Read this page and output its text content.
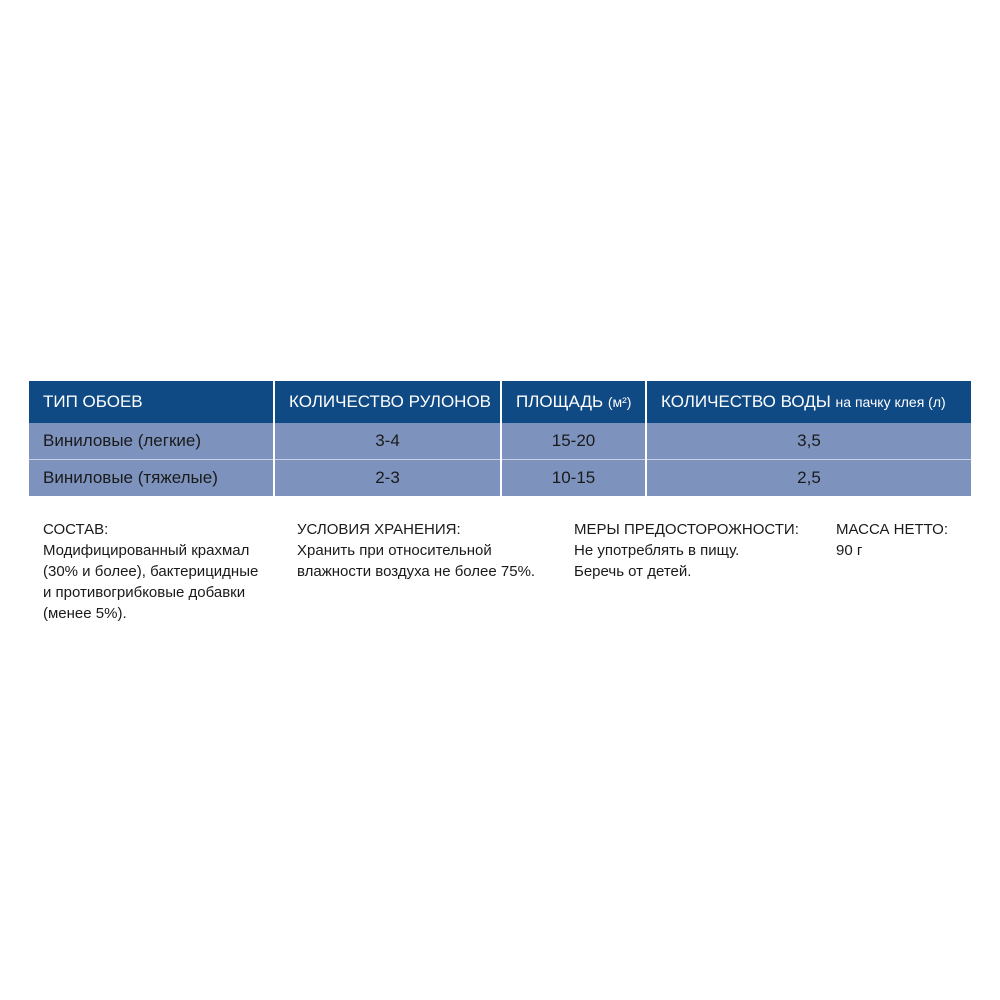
ТИП ОБОЕВ	КОЛИЧЕСТВО РУЛОНОВ	ПЛОЩАДЬ (м²)	КОЛИЧЕСТВО ВОДЫ на пачку клея (л)
Виниловые (легкие)	3-4	15-20	3,5
Виниловые (тяжелые)	2-3	10-15	2,5
СОСТАВ:
Модифицированный крахмал
(30% и более), бактерицидные
и противогрибковые добавки
(менее 5%).
УСЛОВИЯ ХРАНЕНИЯ:
Хранить при относительной
влажности воздуха не более 75%.
МЕРЫ ПРЕДОСТОРОЖНОСТИ:
Не употреблять в пищу.
Беречь от детей.
МАССА НЕТТО:
90 г
